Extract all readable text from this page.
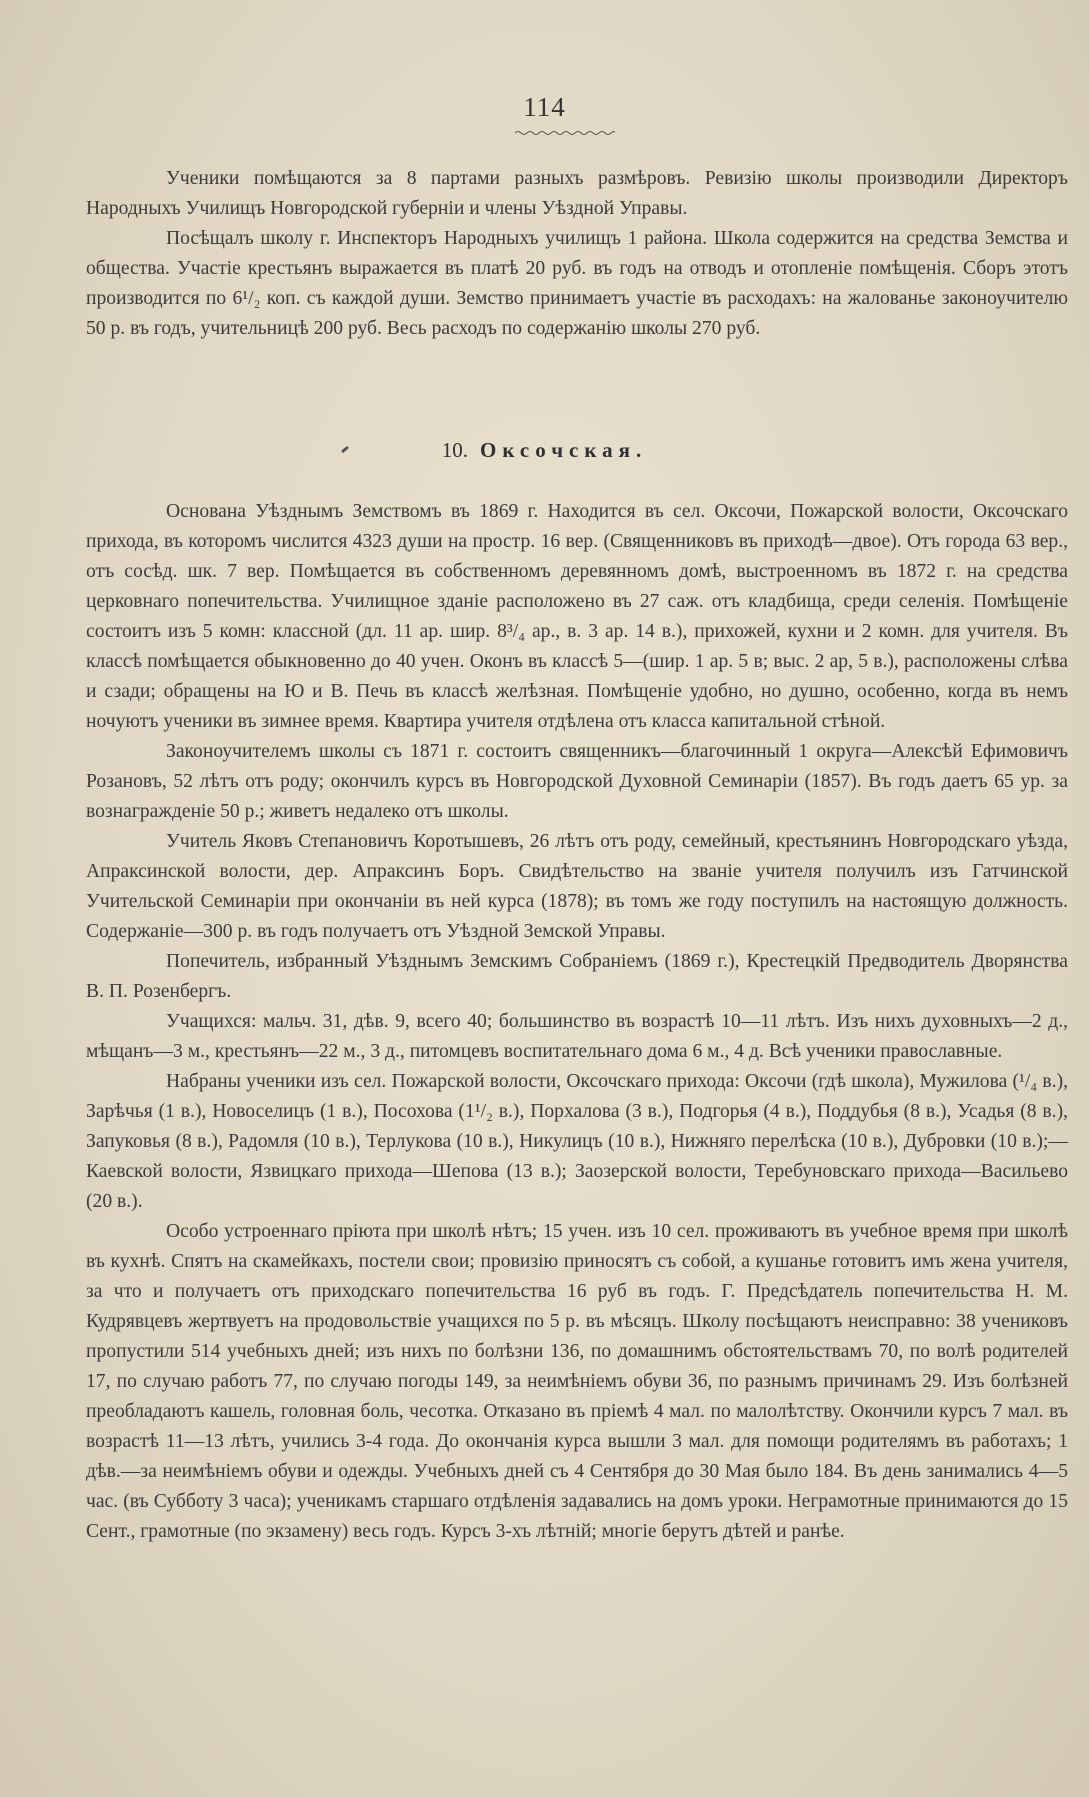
114

Ученики помѣщаются за 8 партами разныхъ размѣровъ. Ревизію школы производили Директоръ Народныхъ Училищъ Новгородской губерніи и члены Уѣздной Управы.

Посѣщалъ школу г. Инспекторъ Народныхъ училищъ 1 района. Школа содержится на средства Земства и общества. Участіе крестьянъ выражается въ платѣ 20 руб. въ годъ на отводъ и отопленіе помѣщенія. Сборъ этотъ производится по 6¹/₂ коп. съ каждой души. Земство принимаетъ участіе въ расходахъ: на жалованье законоучителю 50 р. въ годъ, учительницѣ 200 руб. Весь расходъ по содержанію школы 270 руб.

10. Оксочская.

Основана Уѣзднымъ Земствомъ въ 1869 г. Находится въ сел. Оксочи, Пожарской волости, Оксочскаго прихода, въ которомъ числится 4323 души на простр. 16 вер. (Священниковъ въ приходѣ—двое). Отъ города 63 вер., отъ сосѣд. шк. 7 вер. Помѣщается въ собственномъ деревянномъ домѣ, выстроенномъ въ 1872 г. на средства церковнаго попечительства. Училищное зданіе расположено въ 27 саж. отъ кладбища, среди селенія. Помѣщеніе состоитъ изъ 5 комн: классной (дл. 11 ар. шир. 8³/₄ ар., в. 3 ар. 14 в.), прихожей, кухни и 2 комн. для учителя. Въ классѣ помѣщается обыкновенно до 40 учен. Оконъ въ классѣ 5—(шир. 1 ар. 5 в; выс. 2 ар, 5 в.), расположены слѣва и сзади; обращены на Ю и В. Печь въ классѣ желѣзная. Помѣщеніе удобно, но душно, особенно, когда въ немъ ночуютъ ученики въ зимнее время. Квартира учителя отдѣлена отъ класса капитальной стѣной.

Законоучителемъ школы съ 1871 г. состоитъ священникъ—благочинный 1 округа—Алексѣй Ефимовичъ Розановъ, 52 лѣтъ отъ роду; окончилъ курсъ въ Новгородской Духовной Семинаріи (1857). Въ годъ даетъ 65 ур. за вознагражденіе 50 р.; живетъ недалеко отъ школы.

Учитель Яковъ Степановичъ Коротышевъ, 26 лѣтъ отъ роду, семейный, крестьянинъ Новгородскаго уѣзда, Апраксинской волости, дер. Апраксинъ Боръ. Свидѣтельство на званіе учителя получилъ изъ Гатчинской Учительской Семинаріи при окончаніи въ ней курса (1878); въ томъ же году поступилъ на настоящую должность. Содержаніе—300 р. въ годъ получаетъ отъ Уѣздной Земской Управы.

Попечитель, избранный Уѣзднымъ Земскимъ Собраніемъ (1869 г.), Крестецкій Предводитель Дворянства В. П. Розенбергъ.

Учащихся: мальч. 31, дѣв. 9, всего 40; большинство въ возрастѣ 10—11 лѣтъ. Изъ нихъ духовныхъ—2 д., мѣщанъ—3 м., крестьянъ—22 м., 3 д., питомцевъ воспитательнаго дома 6 м., 4 д. Всѣ ученики православные.

Набраны ученики изъ сел. Пожарской волости, Оксочскаго прихода: Оксочи (гдѣ школа), Мужилова (¹/₄ в.), Зарѣчья (1 в.), Новоселицъ (1 в.), Посохова (1¹/₂ в.), Порхалова (3 в.), Подгорья (4 в.), Поддубья (8 в.), Усадья (8 в.), Запуковья (8 в.), Радомля (10 в.), Терлукова (10 в.), Никулицъ (10 в.), Нижняго перелѣска (10 в.), Дубровки (10 в.);—Каевской волости, Язвицкаго прихода—Шепова (13 в.); Заозерской волости, Теребуновскаго прихода—Васильево (20 в.).

Особо устроеннаго пріюта при школѣ нѣтъ; 15 учен. изъ 10 сел. проживаютъ въ учебное время при школѣ въ кухнѣ. Спятъ на скамейкахъ, постели свои; провизію приносятъ съ собой, а кушанье готовитъ имъ жена учителя, за что и получаетъ отъ приходскаго попечительства 16 руб въ годъ. Г. Предсѣдатель попечительства Н. М. Кудрявцевъ жертвуетъ на продовольствіе учащихся по 5 р. въ мѣсяцъ. Школу посѣщаютъ неисправно: 38 учениковъ пропустили 514 учебныхъ дней; изъ нихъ по болѣзни 136, по домашнимъ обстоятельствамъ 70, по волѣ родителей 17, по случаю работъ 77, по случаю погоды 149, за неимѣніемъ обуви 36, по разнымъ причинамъ 29. Изъ болѣзней преобладаютъ кашель, головная боль, чесотка. Отказано въ пріемѣ 4 мал. по малолѣтству. Окончили курсъ 7 мал. въ возрастѣ 11—13 лѣтъ, учились 3-4 года. До окончанія курса вышли 3 мал. для помощи родителямъ въ работахъ; 1 дѣв.—за неимѣніемъ обуви и одежды. Учебныхъ дней съ 4 Сентября до 30 Мая было 184. Въ день занимались 4—5 час. (въ Субботу 3 часа); ученикамъ старшаго отдѣленія задавались на домъ уроки. Неграмотные принимаются до 15 Сент., грамотные (по экзамену) весь годъ. Курсъ 3-хъ лѣтній; многіе берутъ дѣтей и ранѣе.
